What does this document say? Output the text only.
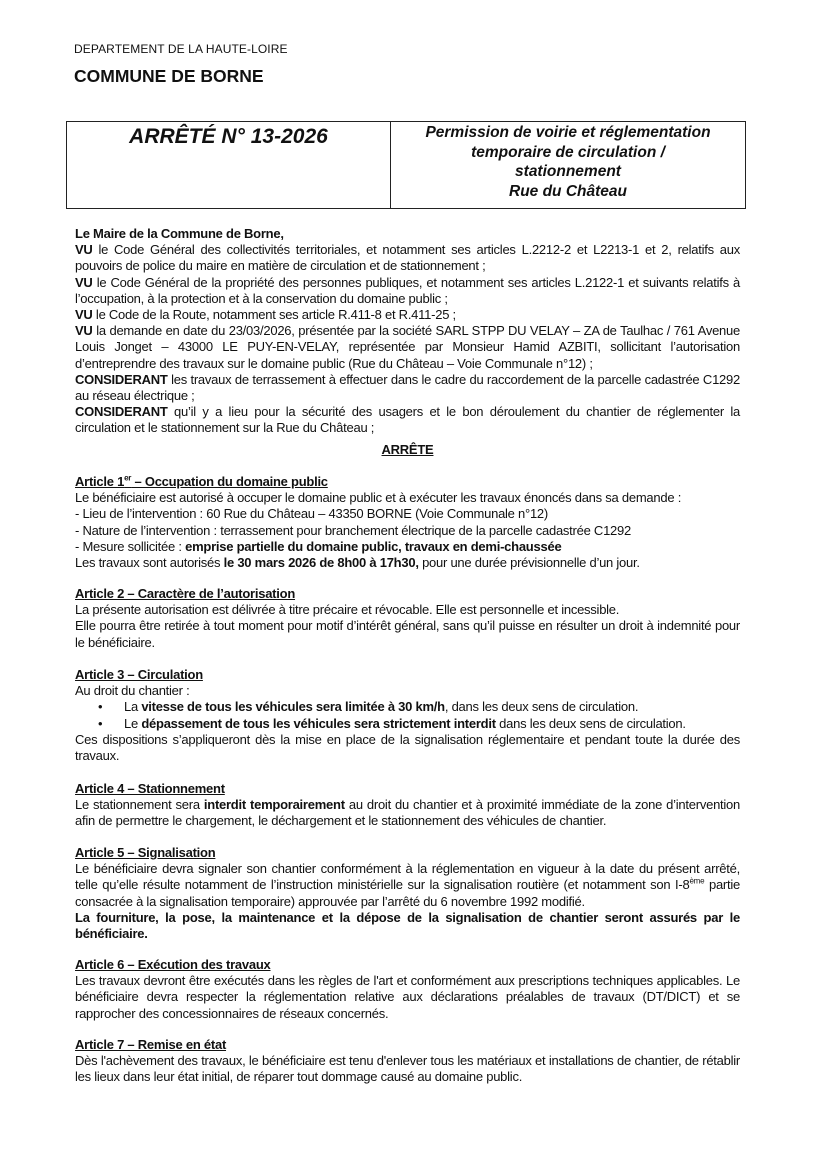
DEPARTEMENT DE LA HAUTE-LOIRE
COMMUNE DE BORNE
ARRÊTÉ N° 13-2026	Permission de voirie et réglementation
temporaire de circulation /
stationnement
Rue du Château

Le Maire de la Commune de Borne,

VU le Code Général des collectivités territoriales, et notamment ses articles L.2212-2 et L2213-1 et 2, relatifs aux pouvoirs de police du maire en matière de circulation et de stationnement ;

VU le Code Général de la propriété des personnes publiques, et notamment ses articles L.2122-1 et suivants relatifs à l’occupation, à la protection et à la conservation du domaine public ;

VU le Code de la Route, notamment ses article R.411-8 et R.411-25 ;

VU la demande en date du 23/03/2026, présentée par la société SARL STPP DU VELAY – ZA de Taulhac / 761 Avenue Louis Jonget – 43000 LE PUY-EN-VELAY, représentée par Monsieur Hamid AZBITI, sollicitant l’autorisation d’entreprendre des travaux sur le domaine public (Rue du Château – Voie Communale n°12) ;

CONSIDERANT les travaux de terrassement à effectuer dans le cadre du raccordement de la parcelle cadastrée C1292 au réseau électrique ;

CONSIDERANT qu’il y a lieu pour la sécurité des usagers et le bon déroulement du chantier de réglementer la circulation et le stationnement sur la Rue du Château ;

ARRÊTE

Article 1er – Occupation du domaine public

Le bénéficiaire est autorisé à occuper le domaine public et à exécuter les travaux énoncés dans sa demande :

- Lieu de l’intervention : 60 Rue du Château – 43350 BORNE (Voie Communale n°12)

- Nature de l’intervention : terrassement pour branchement électrique de la parcelle cadastrée C1292

- Mesure sollicitée : emprise partielle du domaine public, travaux en demi-chaussée

Les travaux sont autorisés le 30 mars 2026 de 8h00 à 17h30, pour une durée prévisionnelle d’un jour.

Article 2 – Caractère de l’autorisation

La présente autorisation est délivrée à titre précaire et révocable. Elle est personnelle et incessible.

Elle pourra être retirée à tout moment pour motif d’intérêt général, sans qu’il puisse en résulter un droit à indemnité pour le bénéficiaire.

Article 3 – Circulation

Au droit du chantier :

• La vitesse de tous les véhicules sera limitée à 30 km/h, dans les deux sens de circulation.
• Le dépassement de tous les véhicules sera strictement interdit dans les deux sens de circulation.

Ces dispositions s’appliqueront dès la mise en place de la signalisation réglementaire et pendant toute la durée des travaux.

Article 4 – Stationnement

Le stationnement sera interdit temporairement au droit du chantier et à proximité immédiate de la zone d’intervention afin de permettre le chargement, le déchargement et le stationnement des véhicules de chantier.

Article 5 – Signalisation

Le bénéficiaire devra signaler son chantier conformément à la réglementation en vigueur à la date du présent arrêté, telle qu’elle résulte notamment de l’instruction ministérielle sur la signalisation routière (et notamment son I-8ème partie consacrée à la signalisation temporaire) approuvée par l’arrêté du 6 novembre 1992 modifié.

La fourniture, la pose, la maintenance et la dépose de la signalisation de chantier seront assurés par le bénéficiaire.

Article 6 – Exécution des travaux

Les travaux devront être exécutés dans les règles de l'art et conformément aux prescriptions techniques applicables. Le bénéficiaire devra respecter la réglementation relative aux déclarations préalables de travaux (DT/DICT) et se rapprocher des concessionnaires de réseaux concernés.

Article 7 – Remise en état

Dès l'achèvement des travaux, le bénéficiaire est tenu d'enlever tous les matériaux et installations de chantier, de rétablir les lieux dans leur état initial, de réparer tout dommage causé au domaine public.
